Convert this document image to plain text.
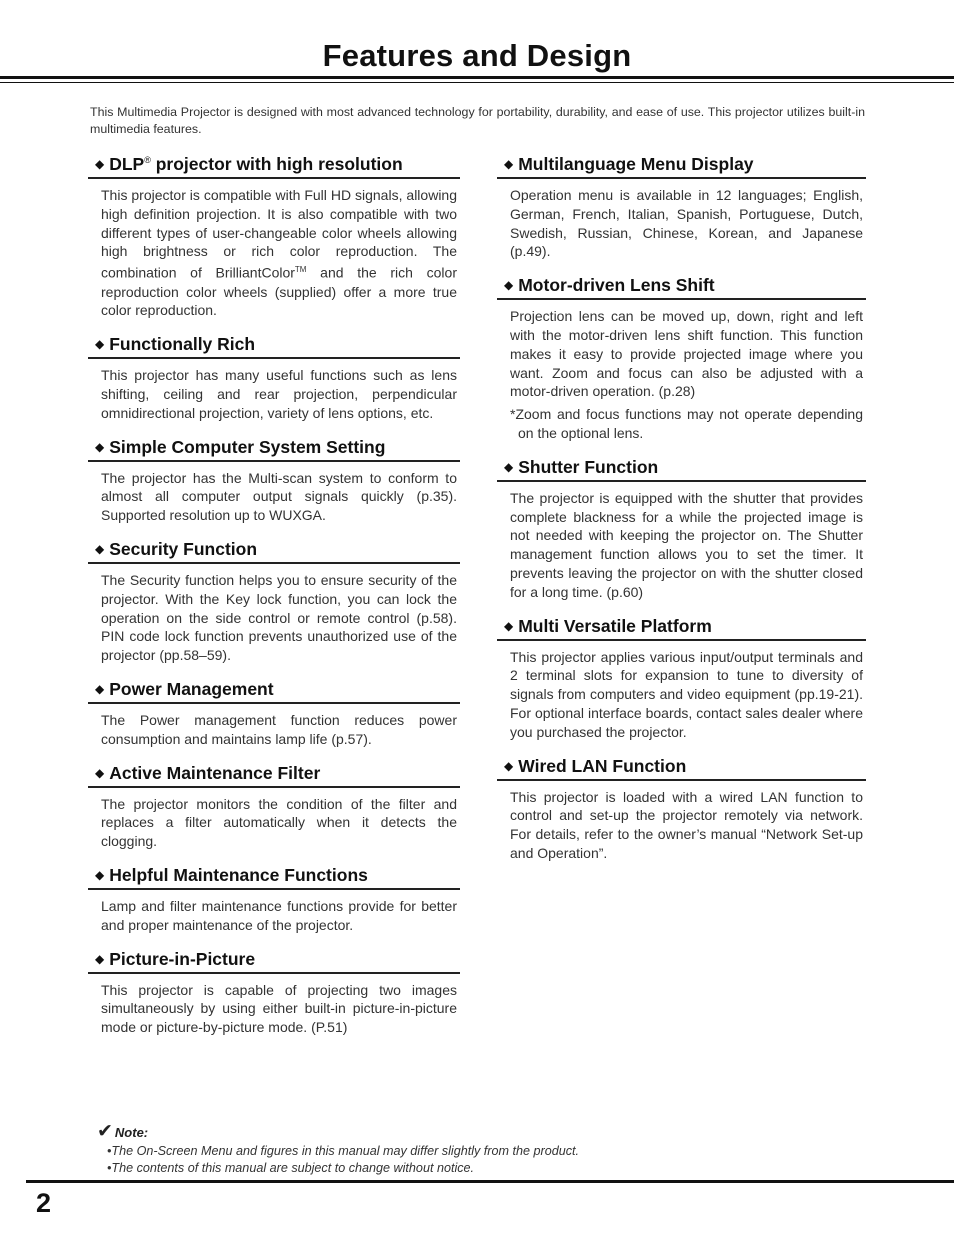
Features and Design

This Multimedia Projector is designed with most advanced technology for portability, durability, and ease of use. This projector utilizes built-in multimedia features.

◆ DLP® projector with high resolution
This projector is compatible with Full HD signals, allowing high definition projection. It is also compatible with two different types of user-changeable color wheels allowing high brightness or rich color reproduction. The combination of BrilliantColor™ and the rich color reproduction color wheels (supplied) offer a more true color reproduction.
◆ Functionally Rich
This projector has many useful functions such as lens shifting, ceiling and rear projection, perpendicular omnidirectional projection, variety of lens options, etc.
◆ Simple Computer System Setting
The projector has the Multi-scan system to conform to almost all computer output signals quickly (p.35). Supported resolution up to WUXGA.
◆ Security Function
The Security function helps you to ensure security of the projector. With the Key lock function, you can lock the operation on the side control or remote control (p.58). PIN code lock function prevents unauthorized use of the projector (pp.58–59).
◆ Power Management
The Power management function reduces power consumption and maintains lamp life (p.57).
◆ Active Maintenance Filter
The projector monitors the condition of the filter and replaces a filter automatically when it detects the clogging.
◆ Helpful Maintenance Functions
Lamp and filter maintenance functions provide for better and proper maintenance of the projector.
◆ Picture-in-Picture
This projector is capable of projecting two images simultaneously by using either built-in picture-in-picture mode or picture-by-picture mode. (P.51)
◆ Multilanguage Menu Display
Operation menu is available in 12 languages; English, German, French, Italian, Spanish, Portuguese, Dutch, Swedish, Russian, Chinese, Korean, and Japanese (p.49).
◆ Motor-driven Lens Shift
Projection lens can be moved up, down, right and left with the motor-driven lens shift function. This function makes it easy to provide projected image where you want. Zoom and focus can also be adjusted with a motor-driven operation. (p.28)
*Zoom and focus functions may not operate depending on the optional lens.
◆ Shutter Function
The projector is equipped with the shutter that provides complete blackness for a while the projected image is not needed with keeping the projector on. The Shutter management function allows you to set the timer. It prevents leaving the projector on with the shutter closed for a long time. (p.60)
◆ Multi Versatile Platform
This projector applies various input/output terminals and 2 terminal slots for expansion to tune to diversity of signals from computers and video equipment (pp.19-21). For optional interface boards, contact sales dealer where you purchased the projector.
◆ Wired LAN Function
This projector is loaded with a wired LAN function to control and set-up the projector remotely via network. For details, refer to the owner’s manual “Network Set-up and Operation”.
✔ Note:
•The On-Screen Menu and figures in this manual may differ slightly from the product.
•The contents of this manual are subject to change without notice.
2
